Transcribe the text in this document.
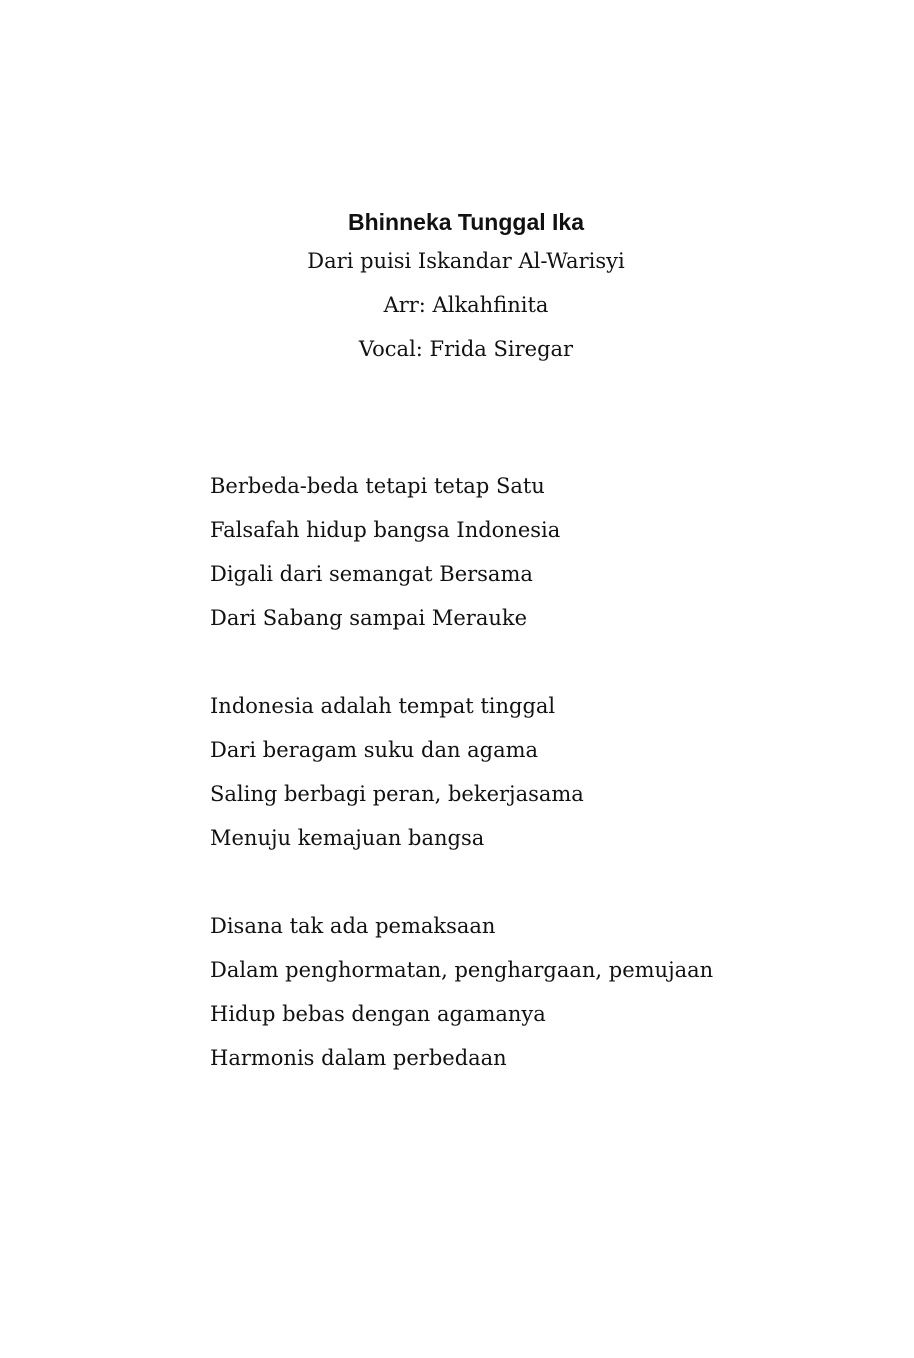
Bhinneka Tunggal Ika

Dari puisi Iskandar Al-Warisyi

Arr: Alkahfinita

Vocal: Frida Siregar

Berbeda-beda tetapi tetap Satu

Falsafah hidup bangsa Indonesia

Digali dari semangat Bersama

Dari Sabang sampai Merauke

Indonesia adalah tempat tinggal

Dari beragam suku dan agama

Saling berbagi peran, bekerjasama

Menuju kemajuan bangsa

Disana tak ada pemaksaan

Dalam penghormatan, penghargaan, pemujaan

Hidup bebas dengan agamanya

Harmonis dalam perbedaan
